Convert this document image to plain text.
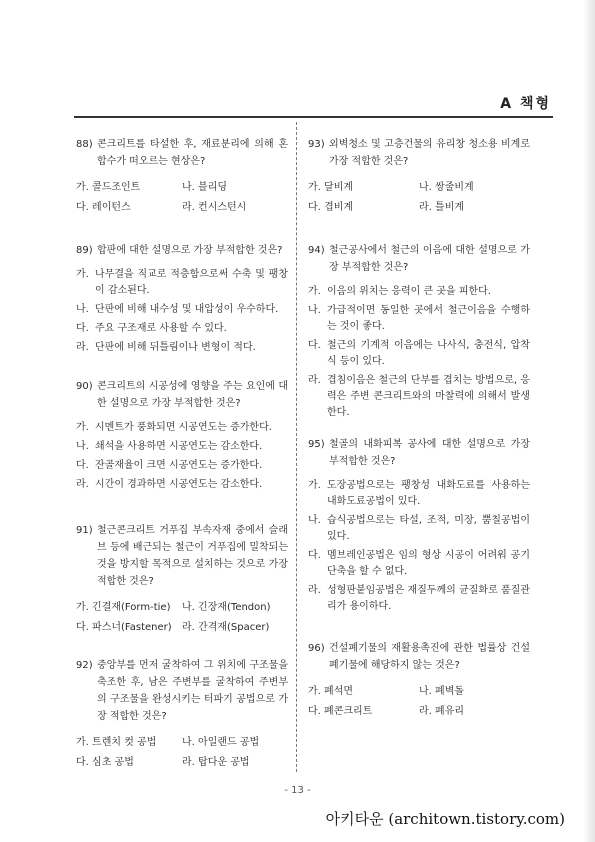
A 책형
88) 콘크리트를 타설한 후, 재료분리에 의해 혼합수가 떠오르는 현상은?
가. 콜드조인트	나. 블리딩
다. 레이턴스	라. 컨시스턴시
89) 합판에 대한 설명으로 가장 부적합한 것은?
가. 나무결을 직교로 적층함으로써 수축 및 팽창이 감소된다.
나. 단판에 비해 내수성 및 내압성이 우수하다.
다. 주요 구조재로 사용할 수 있다.
라. 단판에 비해 뒤틀림이나 변형이 적다.
90) 콘크리트의 시공성에 영향을 주는 요인에 대한 설명으로 가장 부적합한 것은?
가. 시멘트가 풍화되면 시공연도는 증가한다.
나. 쇄석을 사용하면 시공연도는 감소한다.
다. 잔골재율이 크면 시공연도는 증가한다.
라. 시간이 경과하면 시공연도는 감소한다.
91) 철근콘크리트 거푸집 부속자재 중에서 슬래브 등에 배근되는 철근이 거푸집에 밀착되는 것을 방지할 목적으로 설치하는 것으로 가장 적합한 것은?
가. 긴결재(Form-tie)	나. 긴장재(Tendon)
다. 파스너(Fastener)	라. 간격재(Spacer)
92) 중앙부를 먼저 굴착하여 그 위치에 구조물을 축조한 후, 남은 주변부를 굴착하여 주변부의 구조물을 완성시키는 터파기 공법으로 가장 적합한 것은?
가. 트렌치 컷 공법	나. 아일랜드 공법
다. 심초 공법	라. 탑다운 공법
93) 외벽청소 및 고층건물의 유리창 청소용 비계로 가장 적합한 것은?
가. 달비계	나. 쌍줄비계
다. 겹비계	라. 틀비계
94) 철근공사에서 철근의 이음에 대한 설명으로 가장 부적합한 것은?
가. 이음의 위치는 응력이 큰 곳을 피한다.
나. 가급적이면 동일한 곳에서 철근이음을 수행하는 것이 좋다.
다. 철근의 기계적 이음에는 나사식, 충전식, 압착식 등이 있다.
라. 겹침이음은 철근의 단부를 겹치는 방법으로, 응력은 주변 콘크리트와의 마찰력에 의해서 발생한다.
95) 철골의 내화피복 공사에 대한 설명으로 가장 부적합한 것은?
가. 도장공법으로는 팽창성 내화도료를 사용하는 내화도료공법이 있다.
나. 습식공법으로는 타설, 조적, 미장, 뿜칠공법이 있다.
다. 멤브레인공법은 임의 형상 시공이 어려워 공기단축을 할 수 없다.
라. 성형판붙임공법은 재질두께의 균질화로 품질관리가 용이하다.
96) 건설폐기물의 재활용촉진에 관한 법률상 건설폐기물에 해당하지 않는 것은?
가. 폐석면	나. 폐벽돌
다. 폐콘크리트	라. 폐유리
- 13 -
아키타운 (architown.tistory.com)
